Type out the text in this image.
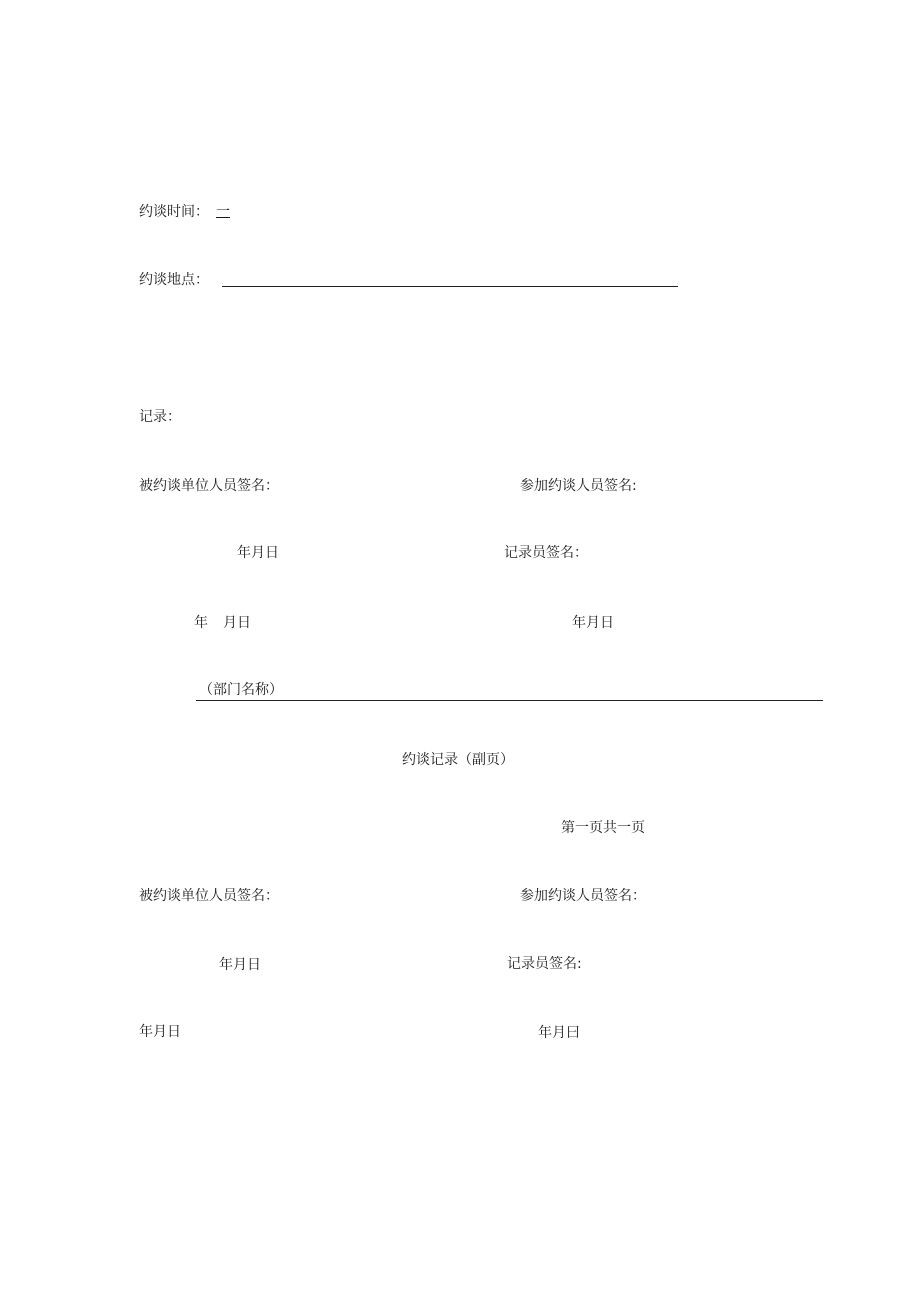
约谈时间： 一
约谈地点：
记录：
被约谈单位人员签名：	参加约谈人员签名:
年月日	记录员签名：
年 月日	年月日
（部门名称）
约谈记录（副页）
第一页共一页
被约谈单位人员签名：	参加约谈人员签名：
年月日	记录员签名:
年月日	年月曰
